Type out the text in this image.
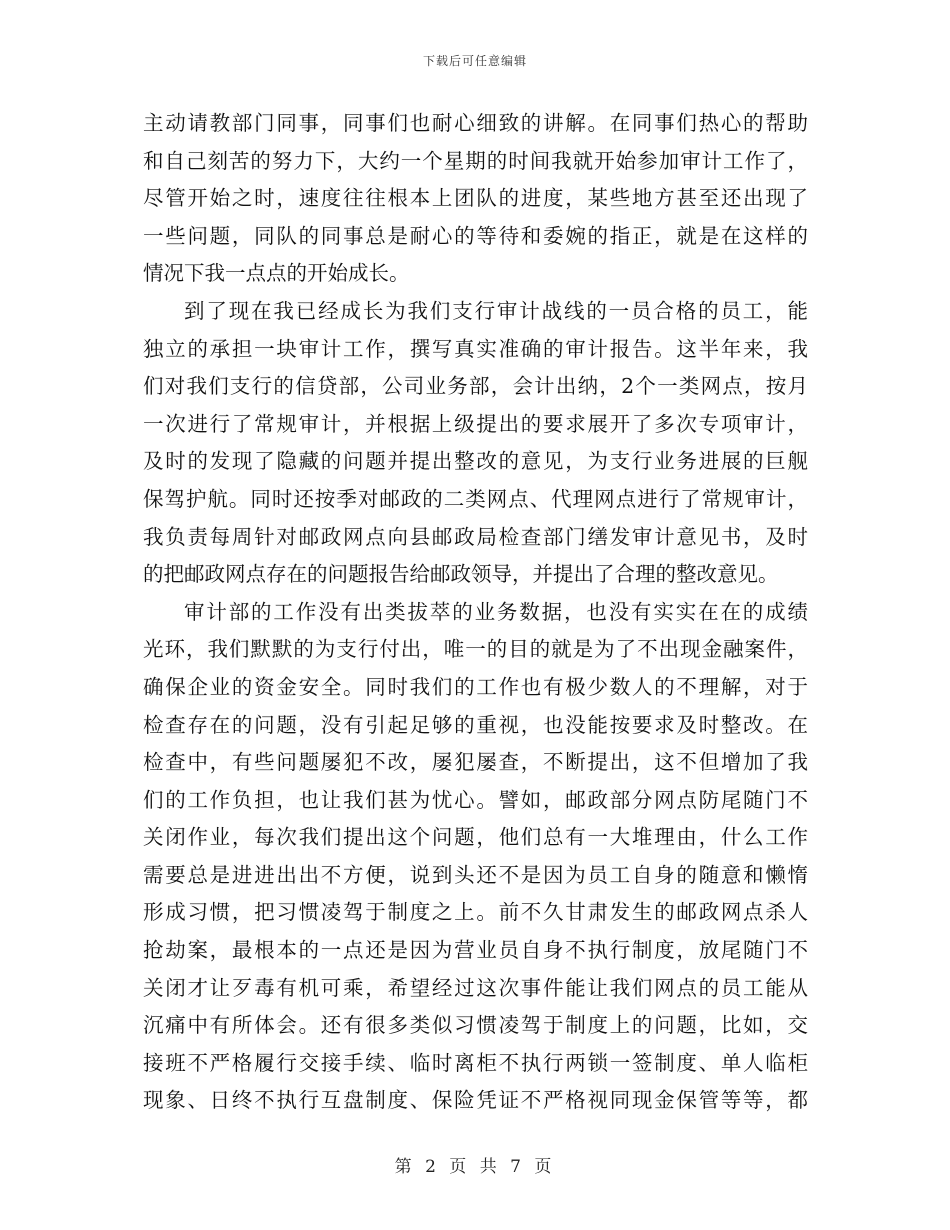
下载后可任意编辑
主动请教部门同事，同事们也耐心细致的讲解。在同事们热心的帮助
和自己刻苦的努力下，大约一个星期的时间我就开始参加审计工作了，
尽管开始之时，速度往往根本上团队的进度，某些地方甚至还出现了
一些问题，同队的同事总是耐心的等待和委婉的指正，就是在这样的
情况下我一点点的开始成长。
到了现在我已经成长为我们支行审计战线的一员合格的员工，能
独立的承担一块审计工作，撰写真实准确的审计报告。这半年来，我
们对我们支行的信贷部，公司业务部，会计出纳，2个一类网点，按月
一次进行了常规审计，并根据上级提出的要求展开了多次专项审计，
及时的发现了隐藏的问题并提出整改的意见，为支行业务进展的巨舰
保驾护航。同时还按季对邮政的二类网点、代理网点进行了常规审计，
我负责每周针对邮政网点向县邮政局检查部门缮发审计意见书，及时
的把邮政网点存在的问题报告给邮政领导，并提出了合理的整改意见。
审计部的工作没有出类拔萃的业务数据，也没有实实在在的成绩
光环，我们默默的为支行付出，唯一的目的就是为了不出现金融案件，
确保企业的资金安全。同时我们的工作也有极少数人的不理解，对于
检查存在的问题，没有引起足够的重视，也没能按要求及时整改。在
检查中，有些问题屡犯不改，屡犯屡查，不断提出，这不但增加了我
们的工作负担，也让我们甚为忧心。譬如，邮政部分网点防尾随门不
关闭作业，每次我们提出这个问题，他们总有一大堆理由，什么工作
需要总是进进出出不方便，说到头还不是因为员工自身的随意和懒惰
形成习惯，把习惯凌驾于制度之上。前不久甘肃发生的邮政网点杀人
抢劫案，最根本的一点还是因为营业员自身不执行制度，放尾随门不
关闭才让歹毒有机可乘，希望经过这次事件能让我们网点的员工能从
沉痛中有所体会。还有很多类似习惯凌驾于制度上的问题，比如，交
接班不严格履行交接手续、临时离柜不执行两锁一签制度、单人临柜
现象、日终不执行互盘制度、保险凭证不严格视同现金保管等等，都
第 2 页 共 7 页
